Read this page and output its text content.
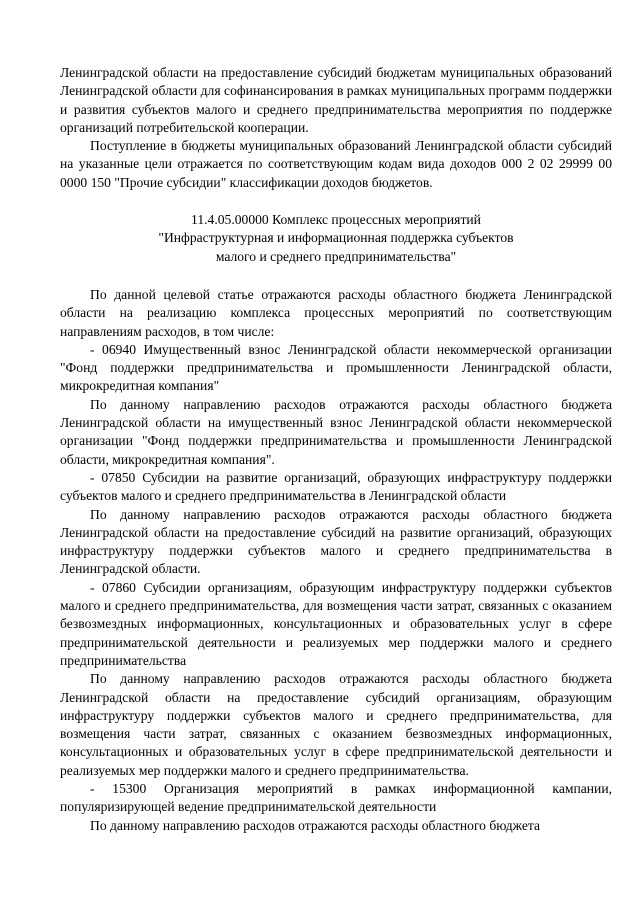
Ленинградской области на предоставление субсидий бюджетам муниципальных образований Ленинградской области для софинансирования в рамках муниципальных программ поддержки и развития субъектов малого и среднего предпринимательства мероприятия по поддержке организаций потребительской кооперации.

Поступление в бюджеты муниципальных образований Ленинградской области субсидий на указанные цели отражается по соответствующим кодам вида доходов 000 2 02 29999 00 0000 150 "Прочие субсидии" классификации доходов бюджетов.

11.4.05.00000 Комплекс процессных мероприятий
"Инфраструктурная и информационная поддержка субъектов
малого и среднего предпринимательства"

По данной целевой статье отражаются расходы областного бюджета Ленинградской области на реализацию комплекса процессных мероприятий по соответствующим направлениям расходов, в том числе:

- 06940 Имущественный взнос Ленинградской области некоммерческой организации "Фонд поддержки предпринимательства и промышленности Ленинградской области, микрокредитная компания"

По данному направлению расходов отражаются расходы областного бюджета Ленинградской области на имущественный взнос Ленинградской области некоммерческой организации "Фонд поддержки предпринимательства и промышленности Ленинградской области, микрокредитная компания".

- 07850 Субсидии на развитие организаций, образующих инфраструктуру поддержки субъектов малого и среднего предпринимательства в Ленинградской области

По данному направлению расходов отражаются расходы областного бюджета Ленинградской области на предоставление субсидий на развитие организаций, образующих инфраструктуру поддержки субъектов малого и среднего предпринимательства в Ленинградской области.

- 07860 Субсидии организациям, образующим инфраструктуру поддержки субъектов малого и среднего предпринимательства, для возмещения части затрат, связанных с оказанием безвозмездных информационных, консультационных и образовательных услуг в сфере предпринимательской деятельности и реализуемых мер поддержки малого и среднего предпринимательства

По данному направлению расходов отражаются расходы областного бюджета Ленинградской области на предоставление субсидий организациям, образующим инфраструктуру поддержки субъектов малого и среднего предпринимательства, для возмещения части затрат, связанных с оказанием безвозмездных информационных, консультационных и образовательных услуг в сфере предпринимательской деятельности и реализуемых мер поддержки малого и среднего предпринимательства.

- 15300 Организация мероприятий в рамках информационной кампании, популяризирующей ведение предпринимательской деятельности

По данному направлению расходов отражаются расходы областного бюджета
